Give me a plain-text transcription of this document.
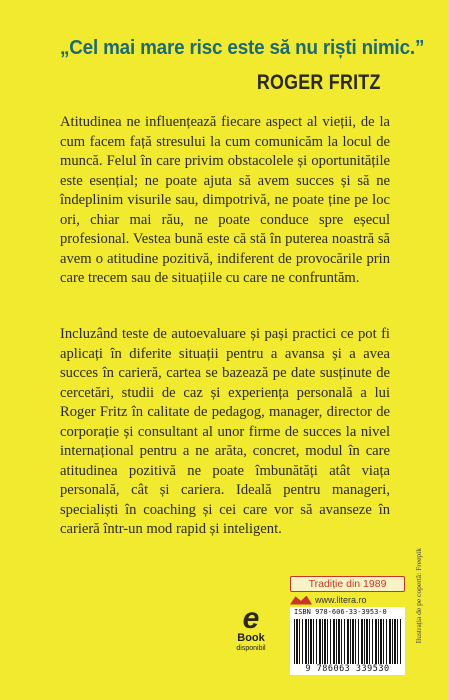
„Cel mai mare risc este să nu riști nimic.”
ROGER FRITZ
Atitudinea ne influențează fiecare aspect al vieții, de la cum facem față stresului la cum comunicăm la locul de muncă. Felul în care privim obstacolele și oportunitățile este esențial; ne poate ajuta să avem succes și să ne îndeplinim visurile sau, dimpotrivă, ne poate ține pe loc ori, chiar mai rău, ne poate conduce spre eșecul profesional. Vestea bună este că stă în puterea noastră să avem o atitudine pozitivă, indiferent de provocările prin care trecem sau de situațiile cu care ne confruntăm.
Incluzând teste de autoevaluare și pași practici ce pot fi aplicați în diferite situații pentru a avansa și a avea succes în carieră, cartea se bazează pe date susținute de cercetări, studii de caz și experiența personală a lui Roger Fritz în calitate de pedagog, manager, director de corporație și consultant al unor firme de succes la nivel internațional pentru a ne arăta, concret, modul în care atitudinea pozitivă ne poate îmbunătăți atât viața personală, cât și cariera. Ideală pentru manageri, specialiști în coaching și cei care vor să avanseze în carieră într-un mod rapid și inteligent.
e
Book
disponibil
Tradiție din 1989
www.litera.ro
ISBN 978-606-33-3953-0
9 786063 339530
Ilustrația de pe copertă: Freepik
